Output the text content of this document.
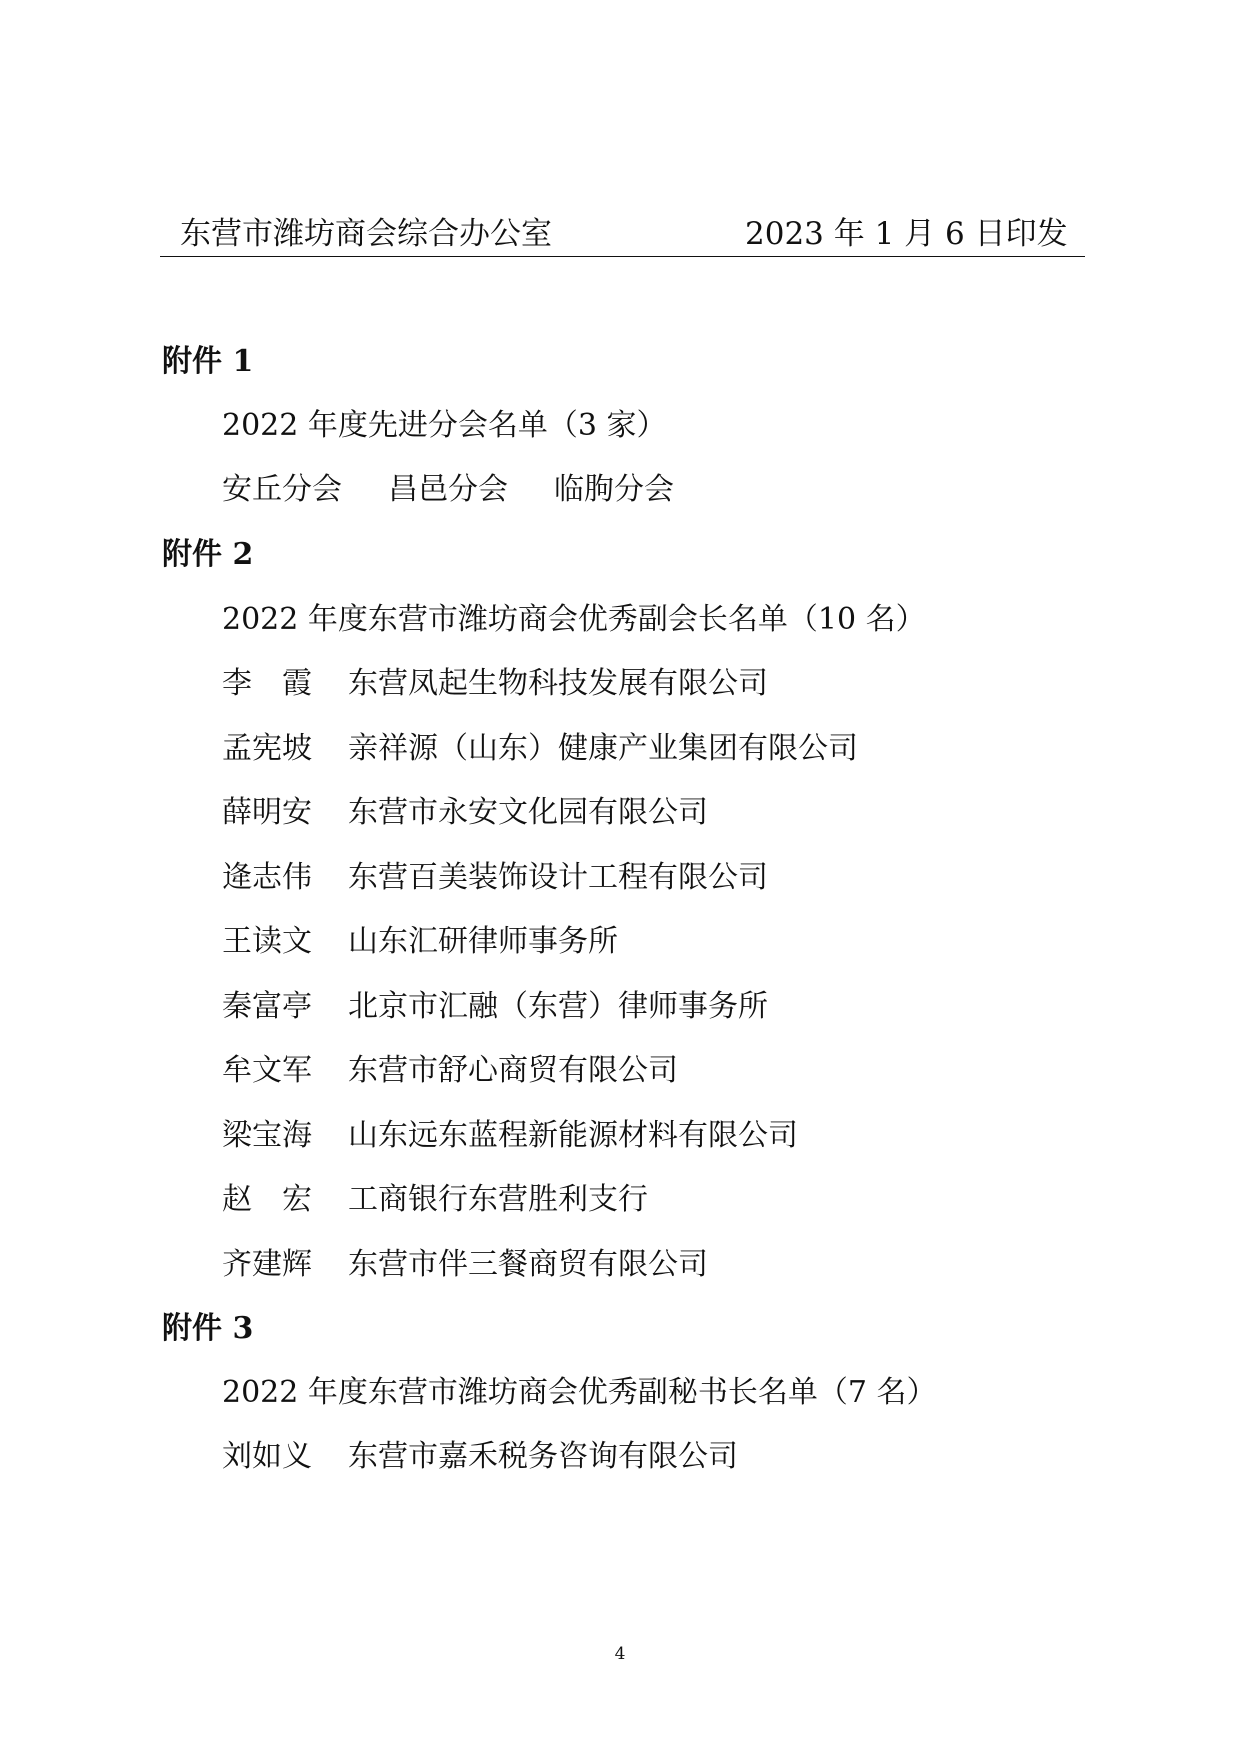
东营市潍坊商会综合办公室	2023 年 1 月 6 日印发
附件 1
2022 年度先进分会名单（3 家）
安丘分会 昌邑分会 临朐分会
附件 2
2022 年度东营市潍坊商会优秀副会长名单（10 名）
李　霞 东营凤起生物科技发展有限公司
孟宪坡 亲祥源（山东）健康产业集团有限公司
薛明安 东营市永安文化园有限公司
逄志伟 东营百美装饰设计工程有限公司
王读文 山东汇研律师事务所
秦富亭 北京市汇融（东营）律师事务所
牟文军 东营市舒心商贸有限公司
梁宝海 山东远东蓝程新能源材料有限公司
赵　宏 工商银行东营胜利支行
齐建辉 东营市伴三餐商贸有限公司
附件 3
2022 年度东营市潍坊商会优秀副秘书长名单（7 名）
刘如义 东营市嘉禾税务咨询有限公司
4
